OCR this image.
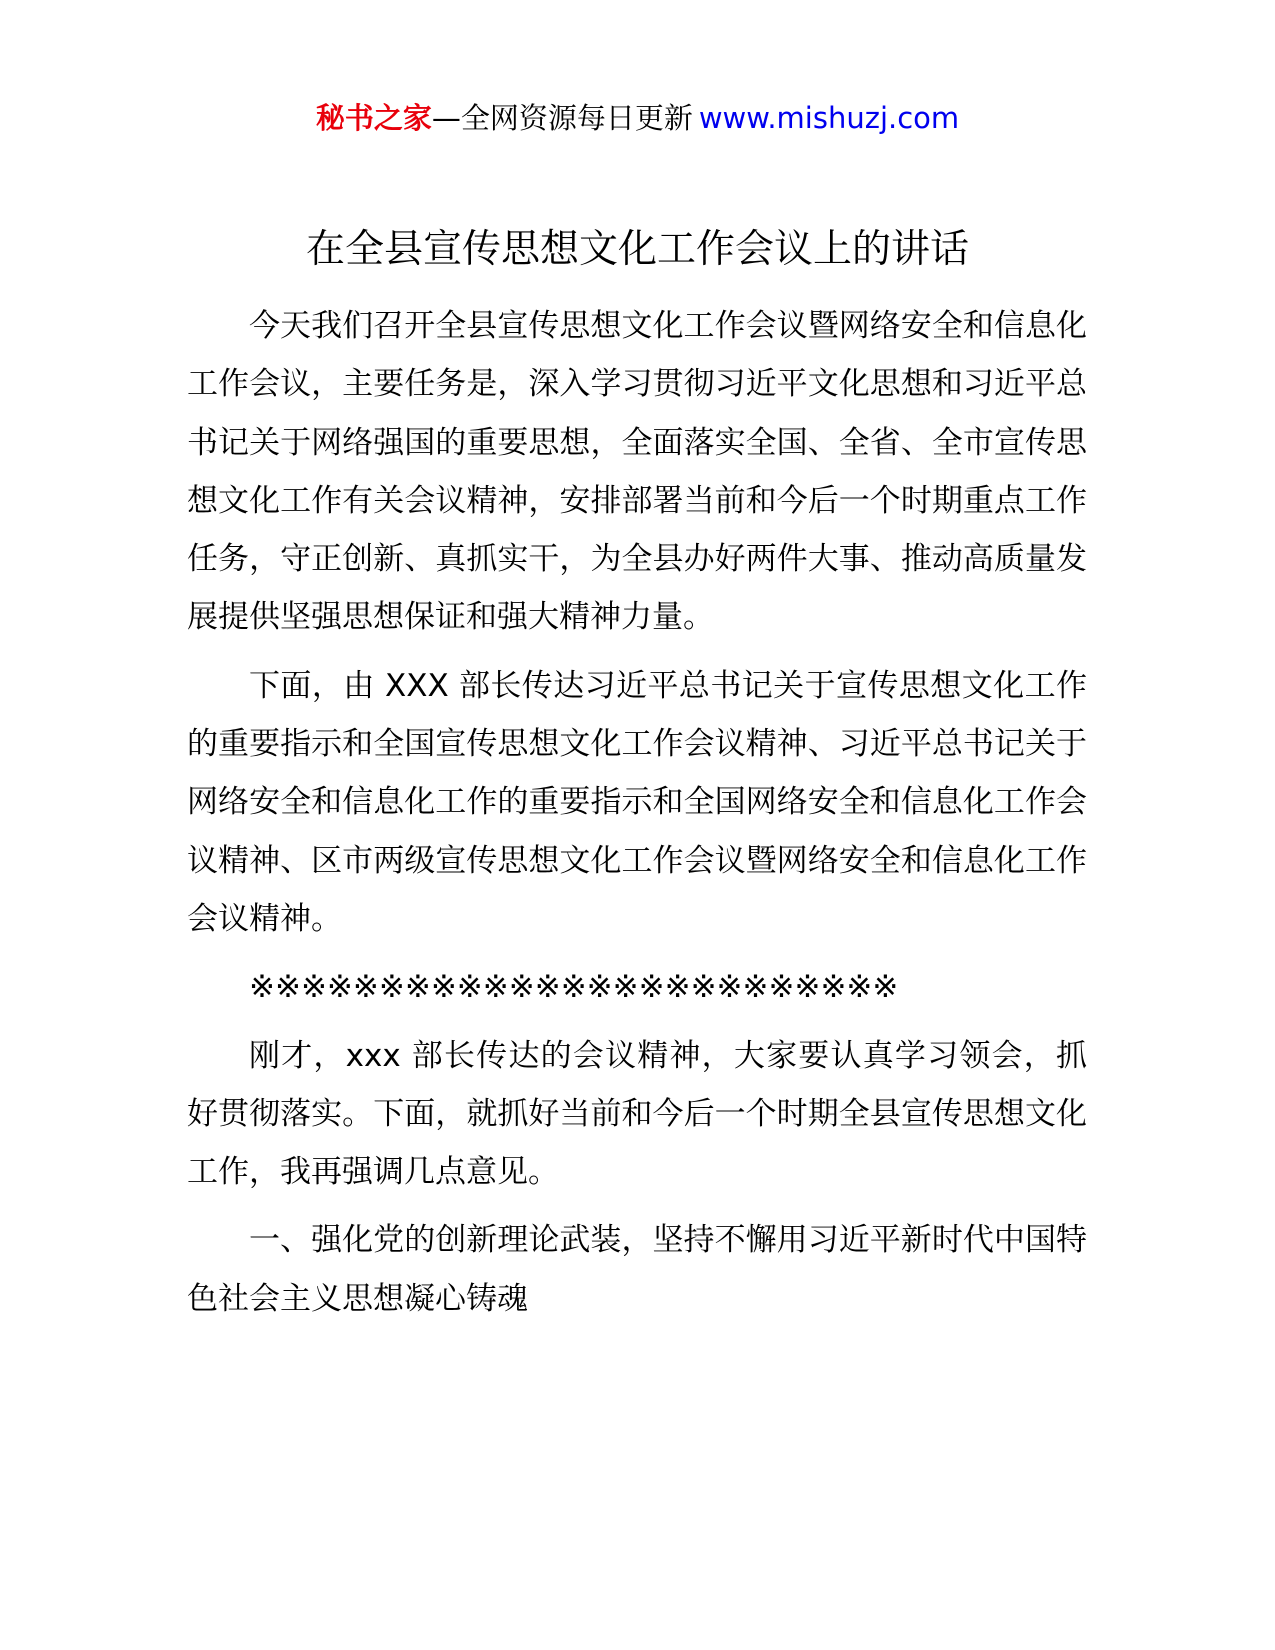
秘书之家—全网资源每日更新 www.mishuzj.com
在全县宣传思想文化工作会议上的讲话

今天我们召开全县宣传思想文化工作会议暨网络安全和信息化工作会议，主要任务是，深入学习贯彻习近平文化思想和习近平总书记关于网络强国的重要思想，全面落实全国、全省、全市宣传思想文化工作有关会议精神，安排部署当前和今后一个时期重点工作任务，守正创新、真抓实干，为全县办好两件大事、推动高质量发展提供坚强思想保证和强大精神力量。

下面，由 XXX 部长传达习近平总书记关于宣传思想文化工作的重要指示和全国宣传思想文化工作会议精神、习近平总书记关于网络安全和信息化工作的重要指示和全国网络安全和信息化工作会议精神、区市两级宣传思想文化工作会议暨网络安全和信息化工作会议精神。

※※※※※※※※※※※※※※※※※※※※※※※※※

刚才，xxx 部长传达的会议精神，大家要认真学习领会，抓好贯彻落实。下面，就抓好当前和今后一个时期全县宣传思想文化工作，我再强调几点意见。

一、强化党的创新理论武装，坚持不懈用习近平新时代中国特色社会主义思想凝心铸魂
